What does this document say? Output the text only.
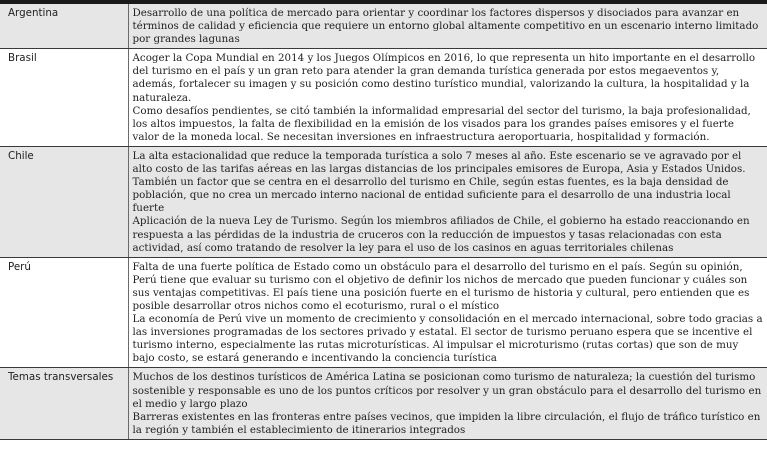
Argentina	Desarrollo de una política de mercado para orientar y coordinar los factores dispersos y disociados para avanzar en términos de calidad y eficiencia que requiere un entorno global altamente competitivo en un escenario interno limitado por grandes lagunas

Brasil	Acoger la Copa Mundial en 2014 y los Juegos Olímpicos en 2016, lo que representa un hito importante en el desarrollo del turismo en el país y un gran reto para atender la gran demanda turística generada por estos megaeventos y, además, fortalecer su imagen y su posición como destino turístico mundial, valorizando la cultura, la hospitalidad y la naturaleza.

Como desafíos pendientes, se citó también la informalidad empresarial del sector del turismo, la baja profesionalidad, los altos impuestos, la falta de flexibilidad en la emisión de los visados para los grandes países emisores y el fuerte valor de la moneda local. Se necesitan inversiones en infraestructura aeroportuaria, hospitalidad y formación.

Chile	La alta estacionalidad que reduce la temporada turística a solo 7 meses al año. Este escenario se ve agravado por el alto costo de las tarifas aéreas en las largas distancias de los principales emisores de Europa, Asia y Estados Unidos.

También un factor que se centra en el desarrollo del turismo en Chile, según estas fuentes, es la baja densidad de población, que no crea un mercado interno nacional de entidad suficiente para el desarrollo de una industria local fuerte

Aplicación de la nueva Ley de Turismo. Según los miembros afiliados de Chile, el gobierno ha estado reaccionando en respuesta a las pérdidas de la industria de cruceros con la reducción de impuestos y tasas relacionadas con esta actividad, así como tratando de resolver la ley para el uso de los casinos en aguas territoriales chilenas

Perú	Falta de una fuerte política de Estado como un obstáculo para el desarrollo del turismo en el país. Según su opinión, Perú tiene que evaluar su turismo con el objetivo de definir los nichos de mercado que pueden funcionar y cuáles son sus ventajas competitivas. El país tiene una posición fuerte en el turismo de historia y cultural, pero entienden que es posible desarrollar otros nichos como el ecoturismo, rural o el místico

La economía de Perú vive un momento de crecimiento y consolidación en el mercado internacional, sobre todo gracias a las inversiones programadas de los sectores privado y estatal. El sector de turismo peruano espera que se incentive el turismo interno, especialmente las rutas microturísticas. Al impulsar el microturismo (rutas cortas) que son de muy bajo costo, se estará generando e incentivando la conciencia turística

Temas transversales	Muchos de los destinos turísticos de América Latina se posicionan como turismo de naturaleza; la cuestión del turismo sostenible y responsable es uno de los puntos críticos por resolver y un gran obstáculo para el desarrollo del turismo en el medio y largo plazo

Barreras existentes en las fronteras entre países vecinos, que impiden la libre circulación, el flujo de tráfico turístico en la región y también el establecimiento de itinerarios integrados
